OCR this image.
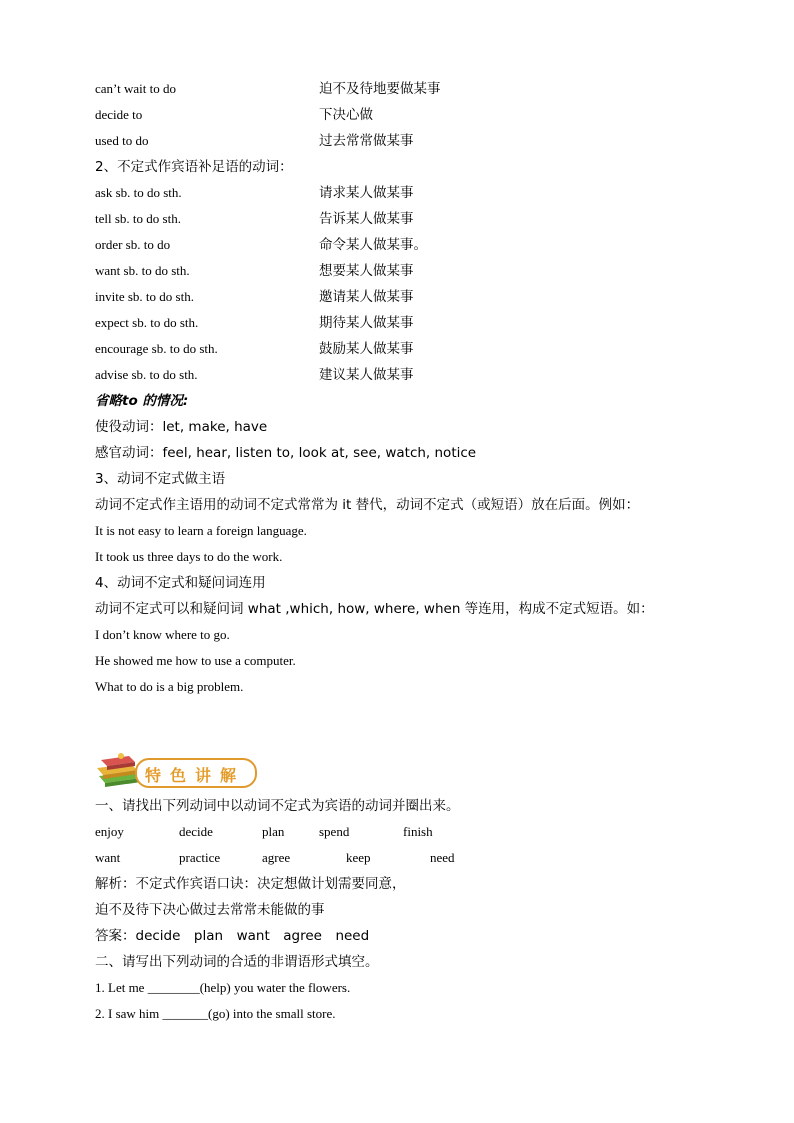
can’t wait to do	迫不及待地要做某事
decide to	下决心做
used to do	过去常常做某事
2、不定式作宾语补足语的动词：
ask sb. to do sth.	请求某人做某事
tell sb. to do sth.	告诉某人做某事
order sb. to do	命令某人做某事。
want sb. to do sth.	想要某人做某事
invite sb. to do sth.	邀请某人做某事
expect sb. to do sth.	期待某人做某事
encourage sb. to do sth.	鼓励某人做某事
advise sb. to do sth.	建议某人做某事
省略to 的情况:
使役动词：let, make, have
感官动词：feel, hear, listen to, look at, see, watch, notice
3、动词不定式做主语
动词不定式作主语用的动词不定式常常为 it 替代，动词不定式（或短语）放在后面。例如：
It is not easy to learn a foreign language.
It took us three days to do the work.
4、动词不定式和疑问词连用
动词不定式可以和疑问词 what ,which, how, where, when 等连用，构成不定式短语。如：
I don’t know where to go.
He showed me how to use a computer.
What to do is a big problem.
特色讲解
一、请找出下列动词中以动词不定式为宾语的动词并圈出来。
enjoy	decide	plan	spend	finish
want	practice	agree	keep	need
解析：不定式作宾语口诀：决定想做计划需要同意，
迫不及待下决心做过去常常未能做的事
答案：decide　plan　want　agree　need
二、请写出下列动词的合适的非谓语形式填空。
1. Let me ________(help) you water the flowers.
2. I saw him _______(go) into the small store.
